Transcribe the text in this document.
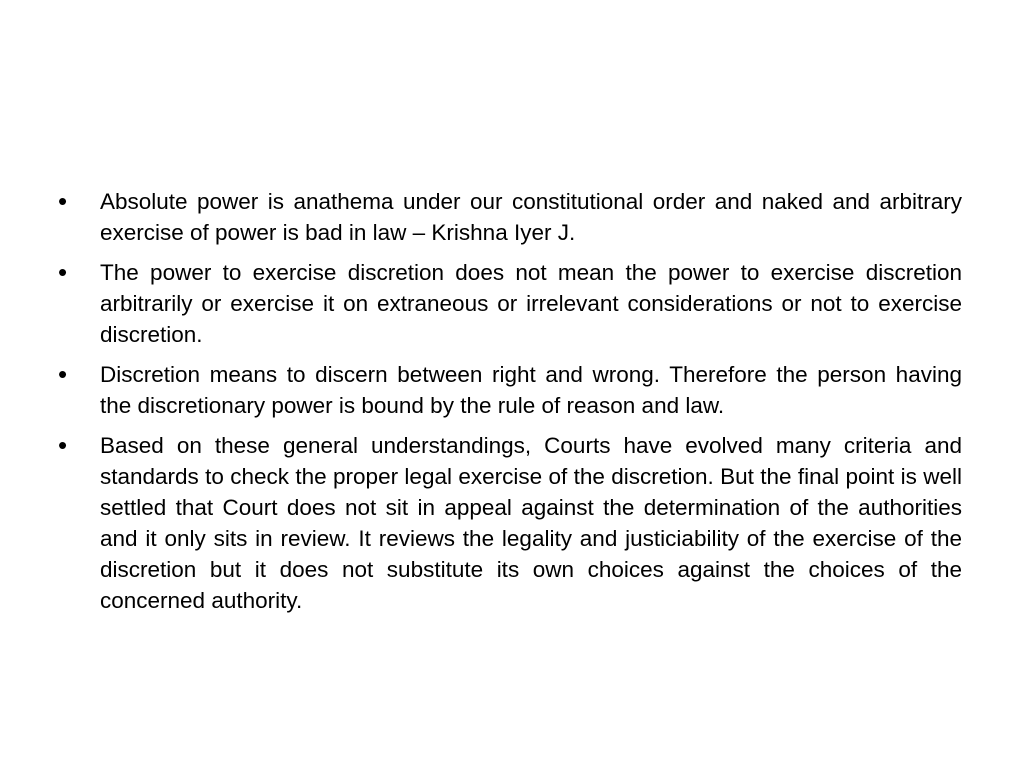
•	Absolute power is anathema under our constitutional order and naked and arbitrary exercise of power is bad in law – Krishna Iyer J.
•	The power to exercise discretion does not mean the power to exercise discretion arbitrarily or exercise it on extraneous or irrelevant considerations or not to exercise discretion.
•	Discretion means to discern between right and wrong. Therefore the person having the discretionary power is bound by the rule of reason and law.
•	Based on these general understandings, Courts have evolved many criteria and standards to check the proper legal exercise of the discretion. But the final point is well settled that Court does not sit in appeal against the determination of the authorities and it only sits in review. It reviews the legality and justiciability of the exercise of the discretion but it does not substitute its own choices against the choices of the concerned authority.
